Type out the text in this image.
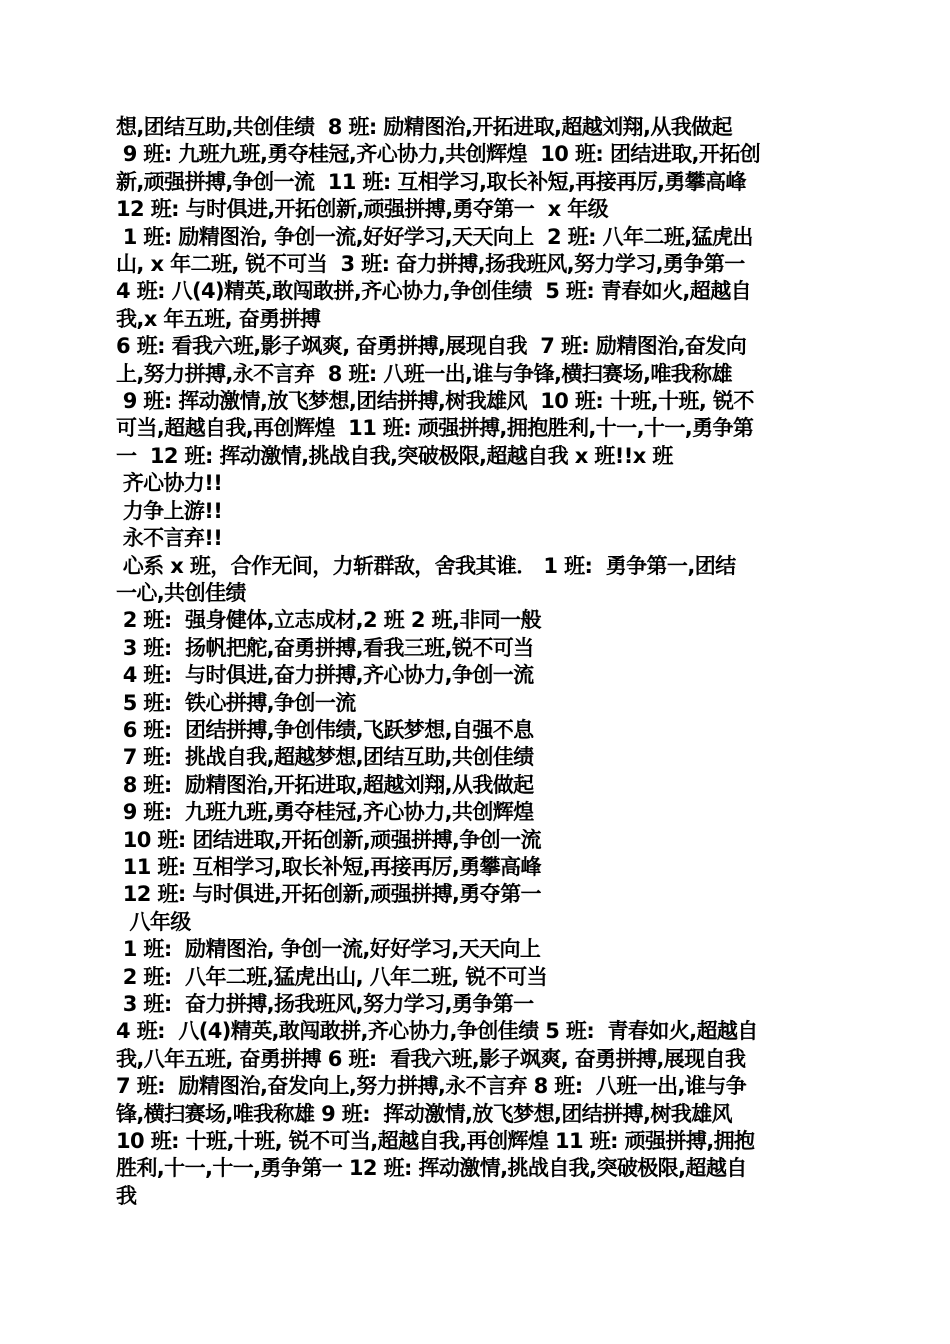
想,团结互助,共创佳绩  8 班: 励精图治,开拓进取,超越刘翔,从我做起

9 班: 九班九班,勇夺桂冠,齐心协力,共创辉煌  10 班: 团结进取,开拓创

新,顽强拼搏,争创一流  11 班: 互相学习,取长补短,再接再厉,勇攀高峰

12 班: 与时俱进,开拓创新,顽强拼搏,勇夺第一  x 年级

1 班: 励精图治, 争创一流,好好学习,天天向上  2 班: 八年二班,猛虎出

山, x 年二班, 锐不可当  3 班: 奋力拼搏,扬我班风,努力学习,勇争第一

4 班: 八(4)精英,敢闯敢拼,齐心协力,争创佳绩  5 班: 青春如火,超越自

我,x 年五班, 奋勇拼搏

6 班: 看我六班,影子飒爽, 奋勇拼搏,展现自我  7 班: 励精图治,奋发向

上,努力拼搏,永不言弃  8 班: 八班一出,谁与争锋,横扫赛场,唯我称雄

9 班: 挥动激情,放飞梦想,团结拼搏,树我雄风  10 班: 十班,十班, 锐不

可当,超越自我,再创辉煌  11 班: 顽强拼搏,拥抱胜利,十一,十一,勇争第

一  12 班: 挥动激情,挑战自我,突破极限,超越自我 x 班!!x 班

齐心协力!!

力争上游!!

永不言弃!!

心系 x 班，合作无间，力斩群敌，舍我其谁． 1 班:  勇争第一,团结

一心,共创佳绩

2 班:  强身健体,立志成材,2 班 2 班,非同一般

3 班:  扬帆把舵,奋勇拼搏,看我三班,锐不可当

4 班:  与时俱进,奋力拼搏,齐心协力,争创一流

5 班:  铁心拼搏,争创一流

6 班:  团结拼搏,争创伟绩,飞跃梦想,自强不息

7 班:  挑战自我,超越梦想,团结互助,共创佳绩

8 班:  励精图治,开拓进取,超越刘翔,从我做起

9 班:  九班九班,勇夺桂冠,齐心协力,共创辉煌

10 班: 团结进取,开拓创新,顽强拼搏,争创一流

11 班: 互相学习,取长补短,再接再厉,勇攀高峰

12 班: 与时俱进,开拓创新,顽强拼搏,勇夺第一

八年级

1 班:  励精图治, 争创一流,好好学习,天天向上

2 班:  八年二班,猛虎出山, 八年二班, 锐不可当

3 班:  奋力拼搏,扬我班风,努力学习,勇争第一

4 班:  八(4)精英,敢闯敢拼,齐心协力,争创佳绩 5 班:  青春如火,超越自

我,八年五班, 奋勇拼搏 6 班:  看我六班,影子飒爽, 奋勇拼搏,展现自我

7 班:  励精图治,奋发向上,努力拼搏,永不言弃 8 班:  八班一出,谁与争

锋,横扫赛场,唯我称雄 9 班:  挥动激情,放飞梦想,团结拼搏,树我雄风

10 班: 十班,十班, 锐不可当,超越自我,再创辉煌 11 班: 顽强拼搏,拥抱

胜利,十一,十一,勇争第一 12 班: 挥动激情,挑战自我,突破极限,超越自

我
